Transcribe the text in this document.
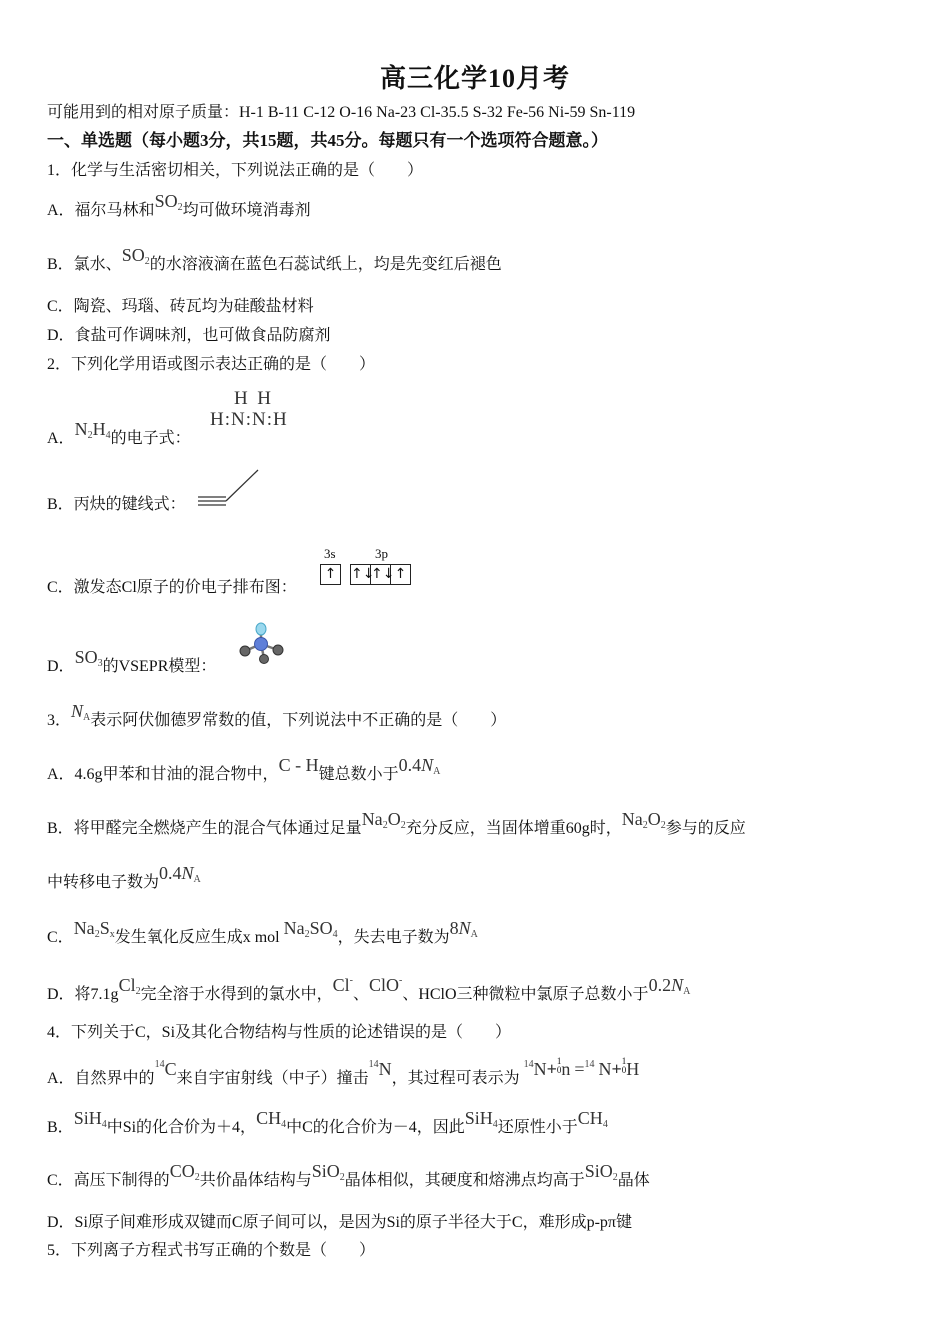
高三化学10月考
可能用到的相对原子质量：H-1 B-11 C-12 O-16 Na-23 Cl-35.5 S-32 Fe-56 Ni-59 Sn-119
一、单选题（每小题3分，共15题，共45分。每题只有一个选项符合题意。）
1．化学与生活密切相关，下列说法正确的是（　　）
A．福尔马林和$SO_2$均可做环境消毒剂
B．氯水、$SO_2$的水溶液滴在蓝色石蕊试纸上，均是先变红后褪色
C．陶瓷、玛瑙、砖瓦均为硅酸盐材料
D．食盐可作调味剂，也可做食品防腐剂
2．下列化学用语或图示表达正确的是（　　）
A．$N_2H_4$的电子式：
H  H
H:N:N:H
B．丙炔的键线式：
C．激发态Cl原子的价电子排布图：
3s	3p
↑ ↑↓↑↓↑
D．$SO_3$的VSEPR模型：
3．$N_A$表示阿伏伽德罗常数的值，下列说法中不正确的是（　　）
A．4.6g甲苯和甘油的混合物中，C - H键总数小于$0.4N_A$
B．将甲醛完全燃烧产生的混合气体通过足量$Na_2O_2$充分反应，当固体增重60g时，$Na_2O_2$参与的反应
中转移电子数为$0.4N_A$
C．$Na_2S_x$发生氧化反应生成x mol $Na_2SO_4$，失去电子数为$8N_A$
D．将7.1gCl$_2$完全溶于水得到的氯水中，Cl-、ClO-、HClO三种微粒中氯原子总数小于$0.2N_A$
4．下列关于C，Si及其化合物结构与性质的论述错误的是（　　）
A．自然界中的$^{14}$C来自宇宙射线（中子）撞击$^{14}$N，其过程可表示为 $^{14}$N+ 1
0 n =$^{14}$ N+ 1
0 H
B．SiH$_4$中Si的化合价为＋4，$CH_4$中C的化合价为－4，因此SiH$_4$还原性小于$CH_4$
C．高压下制得的$CO_2$共价晶体结构与SiO$_2$晶体相似，其硬度和熔沸点均高于SiO$_2$晶体
D．Si原子间难形成双键而C原子间可以，是因为Si的原子半径大于C，难形成p-pπ键
5．下列离子方程式书写正确的个数是（　　）
